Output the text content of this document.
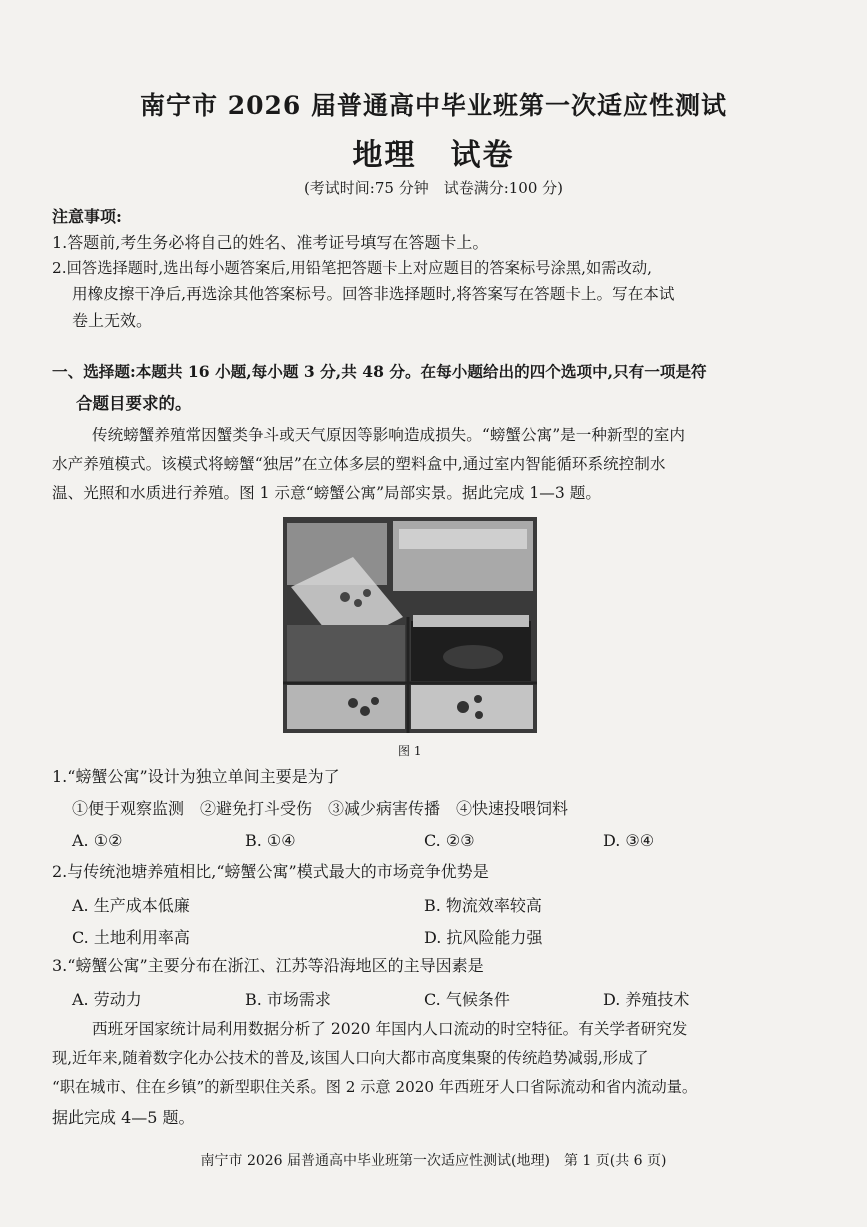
南宁市 2026 届普通高中毕业班第一次适应性测试
地理 试卷
(考试时间:75 分钟　试卷满分:100 分)
注意事项:
1.答题前,考生务必将自己的姓名、准考证号填写在答题卡上。
2.回答选择题时,选出每小题答案后,用铅笔把答题卡上对应题目的答案标号涂黑,如需改动,
用橡皮擦干净后,再选涂其他答案标号。回答非选择题时,将答案写在答题卡上。写在本试
卷上无效。
一、选择题:本题共 16 小题,每小题 3 分,共 48 分。在每小题给出的四个选项中,只有一项是符
合题目要求的。
传统螃蟹养殖常因蟹类争斗或天气原因等影响造成损失。“螃蟹公寓”是一种新型的室内
水产养殖模式。该模式将螃蟹“独居”在立体多层的塑料盒中,通过室内智能循环系统控制水
温、光照和水质进行养殖。图 1 示意“螃蟹公寓”局部实景。据此完成 1—3 题。
图 1
1.“螃蟹公寓”设计为独立单间主要是为了
①便于观察监测　②避免打斗受伤　③减少病害传播　④快速投喂饲料
A. ①②	B. ①④	C. ②③	D. ③④
2.与传统池塘养殖相比,“螃蟹公寓”模式最大的市场竞争优势是
A. 生产成本低廉	B. 物流效率较高
C. 土地利用率高	D. 抗风险能力强
3.“螃蟹公寓”主要分布在浙江、江苏等沿海地区的主导因素是
A. 劳动力	B. 市场需求	C. 气候条件	D. 养殖技术
西班牙国家统计局利用数据分析了 2020 年国内人口流动的时空特征。有关学者研究发
现,近年来,随着数字化办公技术的普及,该国人口向大都市高度集聚的传统趋势减弱,形成了
“职在城市、住在乡镇”的新型职住关系。图 2 示意 2020 年西班牙人口省际流动和省内流动量。
据此完成 4—5 题。
南宁市 2026 届普通高中毕业班第一次适应性测试(地理)　第 1 页(共 6 页)
